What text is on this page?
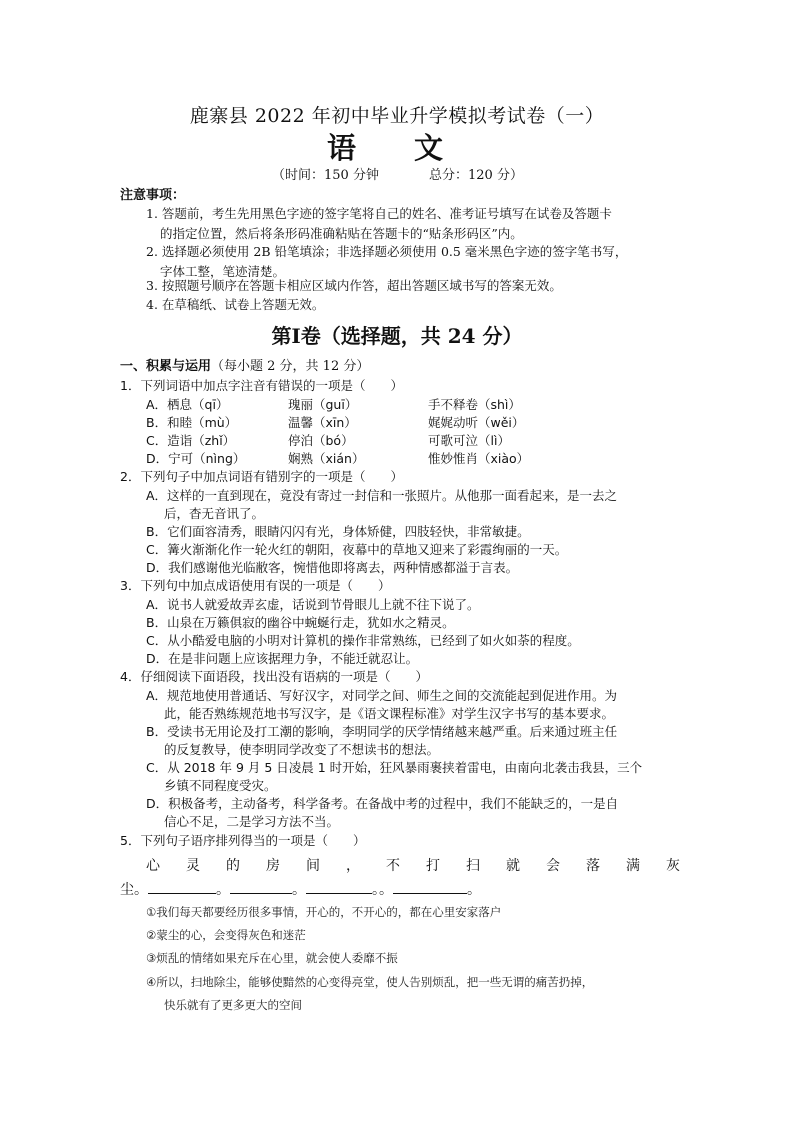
鹿寨县 2022 年初中毕业升学模拟考试卷（一）
语 文
（时间：150 分钟	总分：120 分）
注意事项：
1. 答题前，考生先用黑色字迹的签字笔将自己的姓名、准考证号填写在试卷及答题卡
的指定位置，然后将条形码准确粘贴在答题卡的“贴条形码区”内。
2. 选择题必须使用 2B 铅笔填涂；非选择题必须使用 0.5 毫米黑色字迹的签字笔书写，
字体工整，笔迹清楚。
3. 按照题号顺序在答题卡相应区域内作答，超出答题区域书写的答案无效。
4. 在草稿纸、试卷上答题无效。
第Ⅰ卷（选择题，共 24 分）
一、积累与运用（每小题 2 分，共 12 分）
1．下列词语中加点字注音有错误的一项是（　　）
A．栖息（qī）	瑰丽（guī）	手不释卷（shì）
B．和睦（mù）	温馨（xīn）	娓娓动听（wěi）
C．造诣（zhǐ）	停泊（bó）	可歌可泣（lì）
D．宁可（nìng）	娴熟（xián）	惟妙惟肖（xiào）
2．下列句子中加点词语有错别字的一项是（　　）
A．这样的一直到现在，竟没有寄过一封信和一张照片。从他那一面看起来，是一去之
后，杳无音讯了。
B．它们面容清秀，眼睛闪闪有光，身体矫健，四肢轻快，非常敏捷。
C．篝火渐渐化作一轮火红的朝阳，夜幕中的草地又迎来了彩霞绚丽的一天。
D．我们感谢他光临敝客，惋惜他即将离去，两种情感都溢于言表。
3．下列句中加点成语使用有误的一项是（　　）
A．说书人就爱故弄玄虚，话说到节骨眼儿上就不往下说了。
B．山泉在万籁俱寂的幽谷中蜿蜒行走，犹如水之精灵。
C．从小酷爱电脑的小明对计算机的操作非常熟练，已经到了如火如荼的程度。
D．在是非问题上应该据理力争，不能迁就忍让。
4．仔细阅读下面语段，找出没有语病的一项是（　　）
A．规范地使用普通话、写好汉字，对同学之间、师生之间的交流能起到促进作用。为
此，能否熟练规范地书写汉字，是《语文课程标准》对学生汉字书写的基本要求。
B．受读书无用论及打工潮的影响，李明同学的厌学情绪越来越严重。后来通过班主任
的反复教导，使李明同学改变了不想读书的想法。
C．从 2018 年 9 月 5 日凌晨 1 时开始，狂风暴雨裹挟着雷电，由南向北袭击我县，三个
乡镇不同程度受灾。
D．积极备考，主动备考，科学备考。在备战中考的过程中，我们不能缺乏的，一是自
信心不足，二是学习方法不当。
5．下列句子语序排列得当的一项是（　　）
心 灵 的 房 间 ， 不 打 扫 就 会 落 满 灰
尘。	。	。	。。	。
①我们每天都要经历很多事情，开心的，不开心的，都在心里安家落户
②蒙尘的心，会变得灰色和迷茫
③烦乱的情绪如果充斥在心里，就会使人委靡不振
④所以，扫地除尘，能够使黯然的心变得亮堂，使人告别烦乱，把一些无谓的痛苦扔掉，
快乐就有了更多更大的空间
